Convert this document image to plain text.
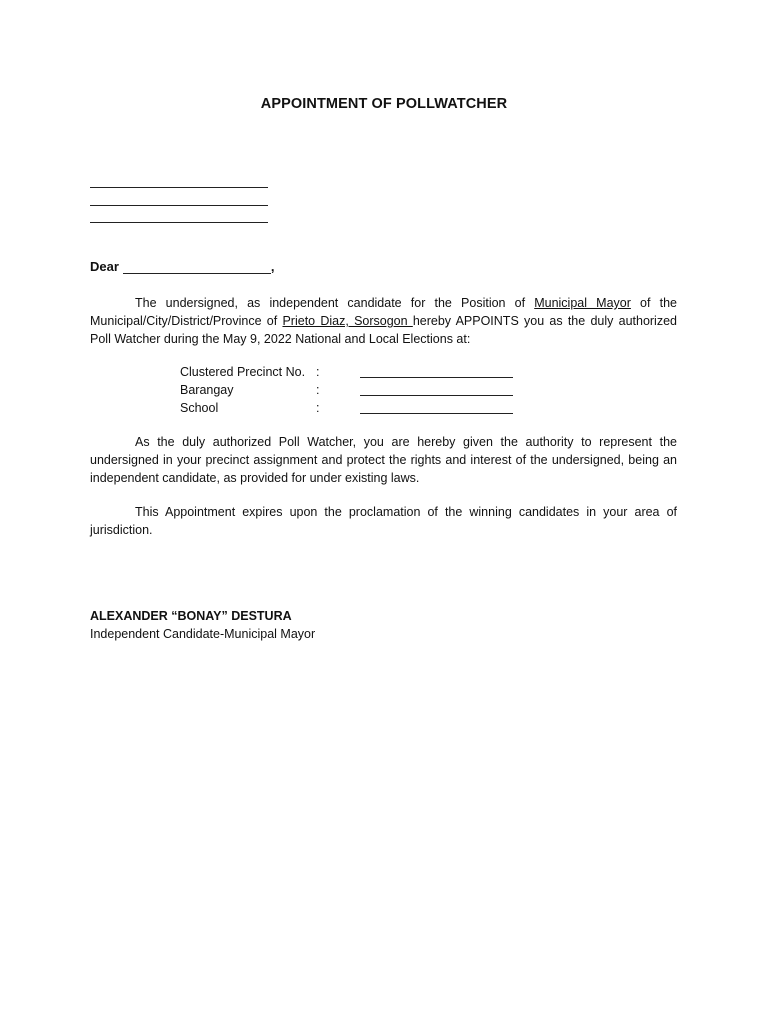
APPOINTMENT OF POLLWATCHER
Dear	,
The undersigned, as independent candidate for the Position of Municipal Mayor of the Municipal/City/District/Province of Prieto Diaz, Sorsogon hereby APPOINTS you as the duly authorized Poll Watcher during the May 9, 2022 National and Local Elections at:
Clustered Precinct No. :
Barangay	:
School	:
As the duly authorized Poll Watcher, you are hereby given the authority to represent the undersigned in your precinct assignment and protect the rights and interest of the undersigned, being an independent candidate, as provided for under existing laws.
This Appointment expires upon the proclamation of the winning candidates in your area of jurisdiction.
ALEXANDER “BONAY” DESTURA
Independent Candidate-Municipal Mayor
